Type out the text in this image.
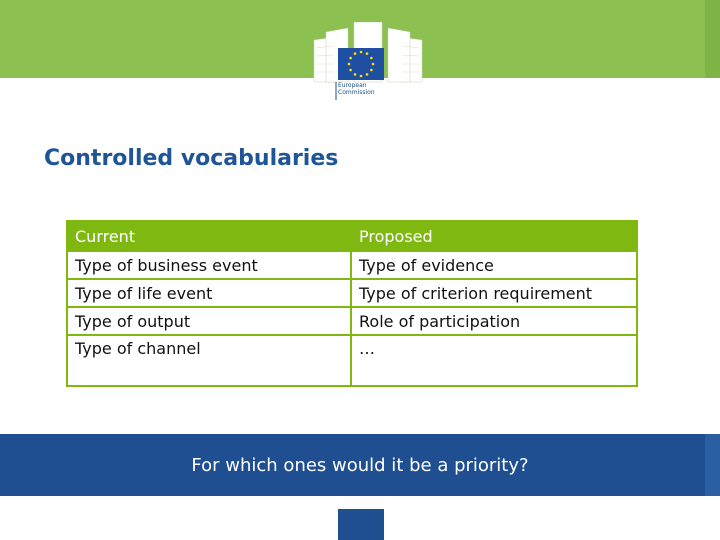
European
Commission
Controlled vocabularies
Current	Proposed
Type of business event	Type of evidence
Type of life event	Type of criterion requirement
Type of output	Role of participation
Type of channel	…
For which ones would it be a priority?
